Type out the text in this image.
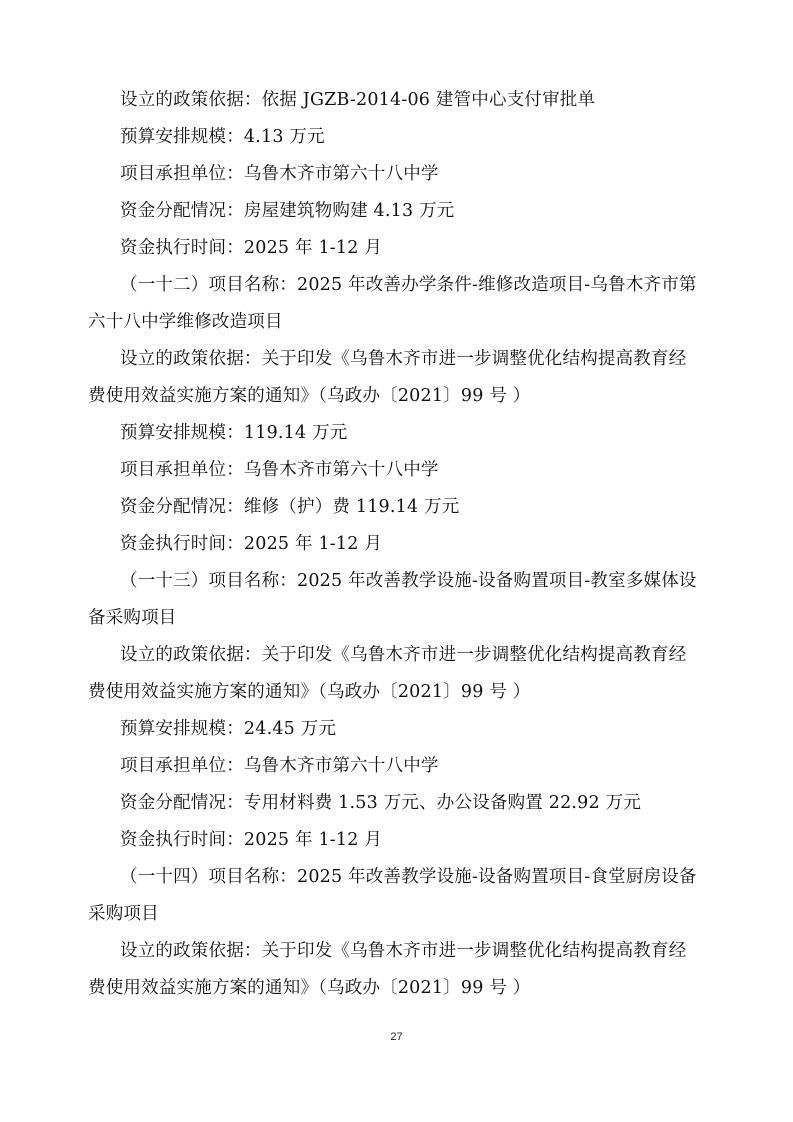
设立的政策依据：依据 JGZB-2014-06 建管中心支付审批单
预算安排规模：4.13 万元
项目承担单位：乌鲁木齐市第六十八中学
资金分配情况：房屋建筑物购建 4.13 万元
资金执行时间：2025 年 1-12 月
（一十二）项目名称：2025 年改善办学条件-维修改造项目-乌鲁木齐市第
六十八中学维修改造项目
设立的政策依据：关于印发《乌鲁木齐市进一步调整优化结构提高教育经
费使用效益实施方案的通知》（乌政办〔2021〕99 号 ）
预算安排规模：119.14 万元
项目承担单位：乌鲁木齐市第六十八中学
资金分配情况：维修（护）费 119.14 万元
资金执行时间：2025 年 1-12 月
（一十三）项目名称：2025 年改善教学设施-设备购置项目-教室多媒体设
备采购项目
设立的政策依据：关于印发《乌鲁木齐市进一步调整优化结构提高教育经
费使用效益实施方案的通知》（乌政办〔2021〕99 号 ）
预算安排规模：24.45 万元
项目承担单位：乌鲁木齐市第六十八中学
资金分配情况：专用材料费 1.53 万元、办公设备购置 22.92 万元
资金执行时间：2025 年 1-12 月
（一十四）项目名称：2025 年改善教学设施-设备购置项目-食堂厨房设备
采购项目
设立的政策依据：关于印发《乌鲁木齐市进一步调整优化结构提高教育经
费使用效益实施方案的通知》（乌政办〔2021〕99 号 ）
27
